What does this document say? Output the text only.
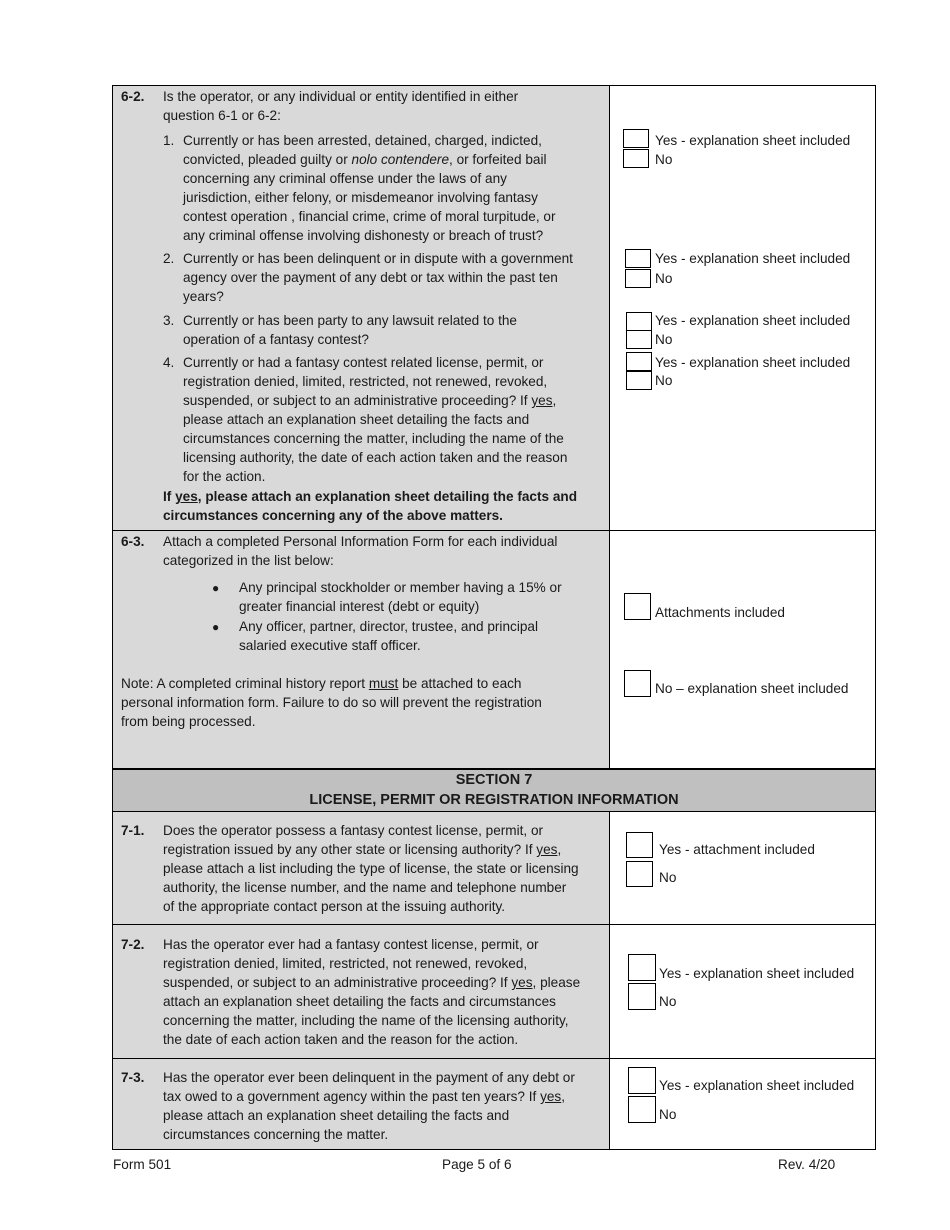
6-2. Is the operator, or any individual or entity identified in either
question 6-1 or 6-2:
1. Currently or has been arrested, detained, charged, indicted,
convicted, pleaded guilty or nolo contendere, or forfeited bail
concerning any criminal offense under the laws of any
jurisdiction, either felony, or misdemeanor involving fantasy
contest operation , financial crime, crime of moral turpitude, or
any criminal offense involving dishonesty or breach of trust?
2. Currently or has been delinquent or in dispute with a government
agency over the payment of any debt or tax within the past ten
years?
3. Currently or has been party to any lawsuit related to the
operation of a fantasy contest?
4. Currently or had a fantasy contest related license, permit, or
registration denied, limited, restricted, not renewed, revoked,
suspended, or subject to an administrative proceeding? If yes,
please attach an explanation sheet detailing the facts and
circumstances concerning the matter, including the name of the
licensing authority, the date of each action taken and the reason
for the action.
If yes, please attach an explanation sheet detailing the facts and
circumstances concerning any of the above matters.
Yes - explanation sheet included
No
Yes - explanation sheet included
No
Yes - explanation sheet included
No
Yes - explanation sheet included
No
6-3. Attach a completed Personal Information Form for each individual
categorized in the list below:
● Any principal stockholder or member having a 15% or
greater financial interest (debt or equity)
● Any officer, partner, director, trustee, and principal
salaried executive staff officer.
Note: A completed criminal history report must be attached to each
personal information form. Failure to do so will prevent the registration
from being processed.
Attachments included
No – explanation sheet included
SECTION 7
LICENSE, PERMIT OR REGISTRATION INFORMATION
7-1. Does the operator possess a fantasy contest license, permit, or
registration issued by any other state or licensing authority? If yes,
please attach a list including the type of license, the state or licensing
authority, the license number, and the name and telephone number
of the appropriate contact person at the issuing authority.
Yes - attachment included
No
7-2. Has the operator ever had a fantasy contest license, permit, or
registration denied, limited, restricted, not renewed, revoked,
suspended, or subject to an administrative proceeding? If yes, please
attach an explanation sheet detailing the facts and circumstances
concerning the matter, including the name of the licensing authority,
the date of each action taken and the reason for the action.
Yes - explanation sheet included
No
7-3. Has the operator ever been delinquent in the payment of any debt or
tax owed to a government agency within the past ten years? If yes,
please attach an explanation sheet detailing the facts and
circumstances concerning the matter.
Yes - explanation sheet included
No
Form 501	Page 5 of 6	Rev. 4/20
